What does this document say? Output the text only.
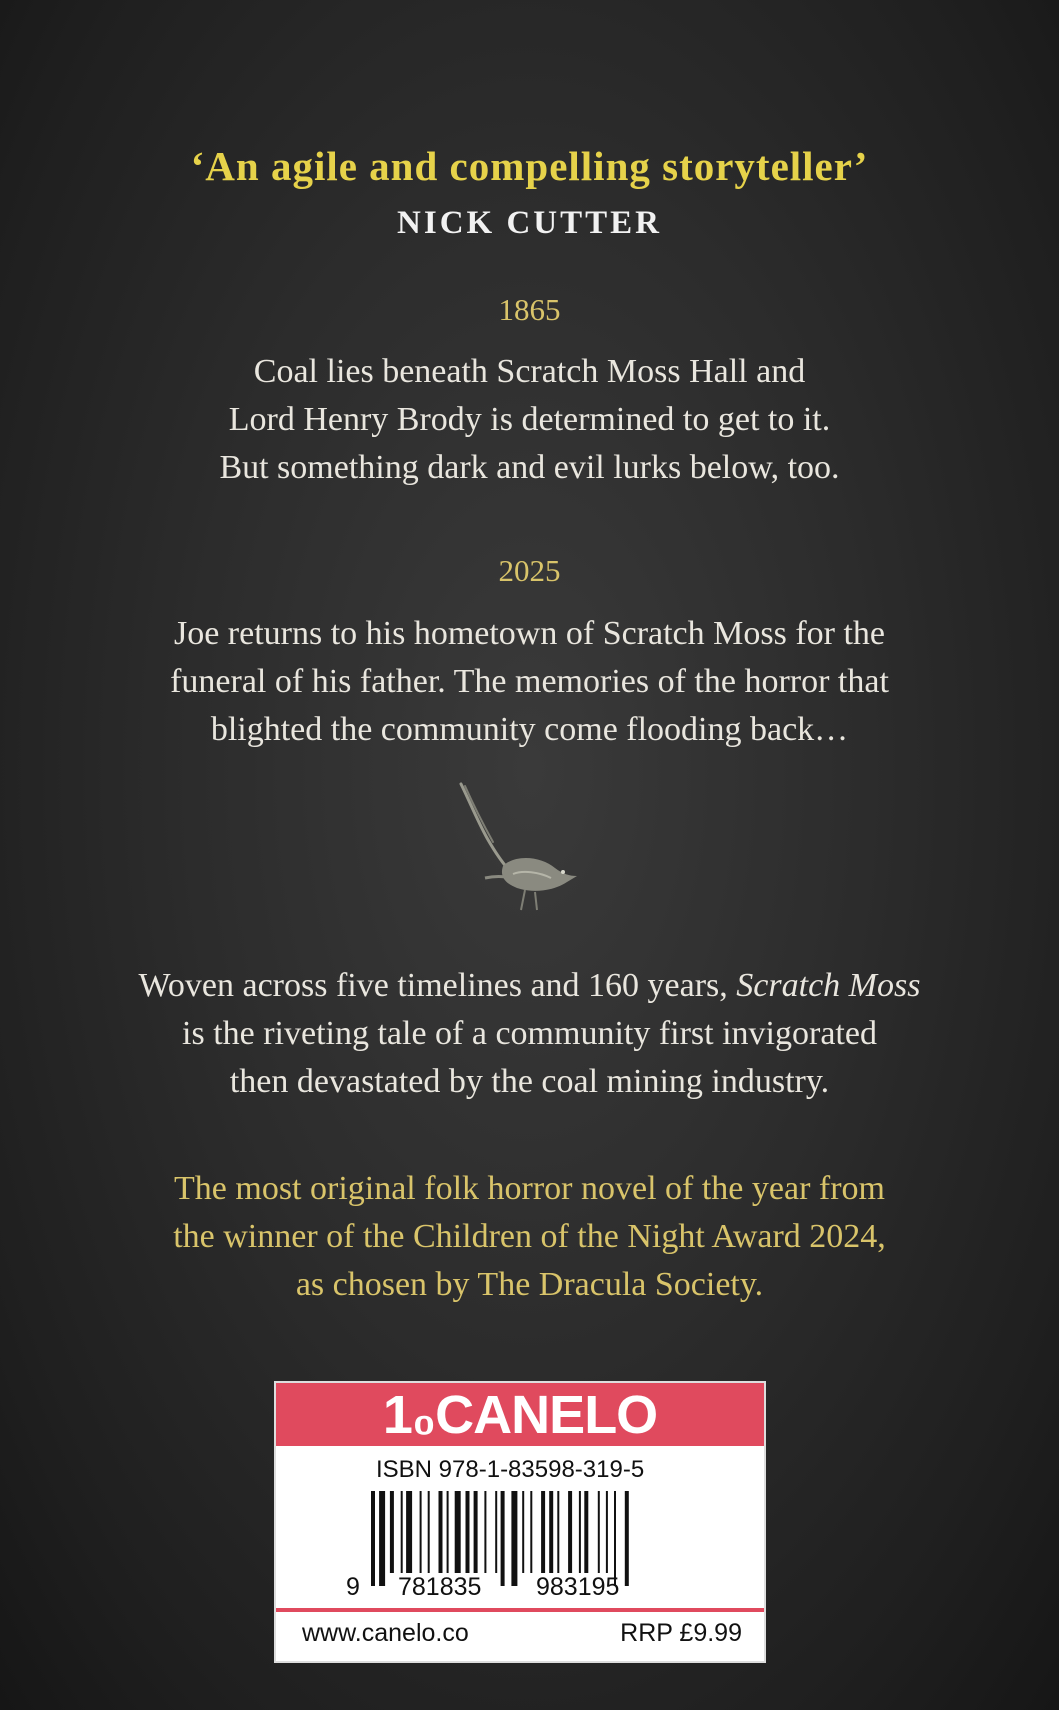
‘An agile and compelling storyteller’
NICK CUTTER
1865
Coal lies beneath Scratch Moss Hall and
Lord Henry Brody is determined to get to it.
But something dark and evil lurks below, too.
2025
Joe returns to his hometown of Scratch Moss for the
funeral of his father. The memories of the horror that
blighted the community come flooding back…
Woven across five timelines and 160 years, Scratch Moss
is the riveting tale of a community first invigorated
then devastated by the coal mining industry.
The most original folk horror novel of the year from
the winner of the Children of the Night Award 2024,
as chosen by The Dracula Society.
1₀CANELO
ISBN 978-1-83598-319-5
9 781835 983195
www.canelo.co	RRP £9.99
